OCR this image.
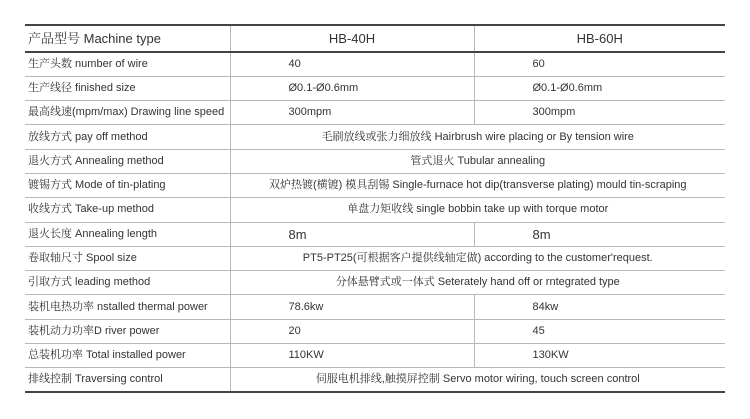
产品型号 Machine type	HB-40H	HB-60H
生产头数 number of wire	40	60
生产线径 finished size	Ø0.1-Ø0.6mm	Ø0.1-Ø0.6mm
最高线速(mpm/max) Drawing line speed	300mpm	300mpm
放线方式 pay off method	毛刷放线或张力细放线 Hairbrush wire placing or By tension wire	
退火方式 Annealing method	管式退火 Tubular annealing	
镀锡方式 Mode of tin-plating	双炉热镀(横镀) 模具刮锡 Single-furnace hot dip(transverse plating) mould tin-scraping	
收线方式 Take-up method	单盘力矩收线 single bobbin take up with torque motor	
退火长度 Annealing length	8m	8m
卷取轴尺寸 Spool size	PT5-PT25(可根据客户提供线轴定做) according to the customer'request.	
引取方式 leading method	分体悬臂式或一体式 Seterately hand off or rntegrated type	
装机电热功率 nstalled thermal power	78.6kw	84kw
装机动力功率D river power	20	45
总装机功率 Total installed power	110KW	130KW
排线控制 Traversing control	伺服电机排线,触摸屏控制 Servo motor wiring, touch screen control	
